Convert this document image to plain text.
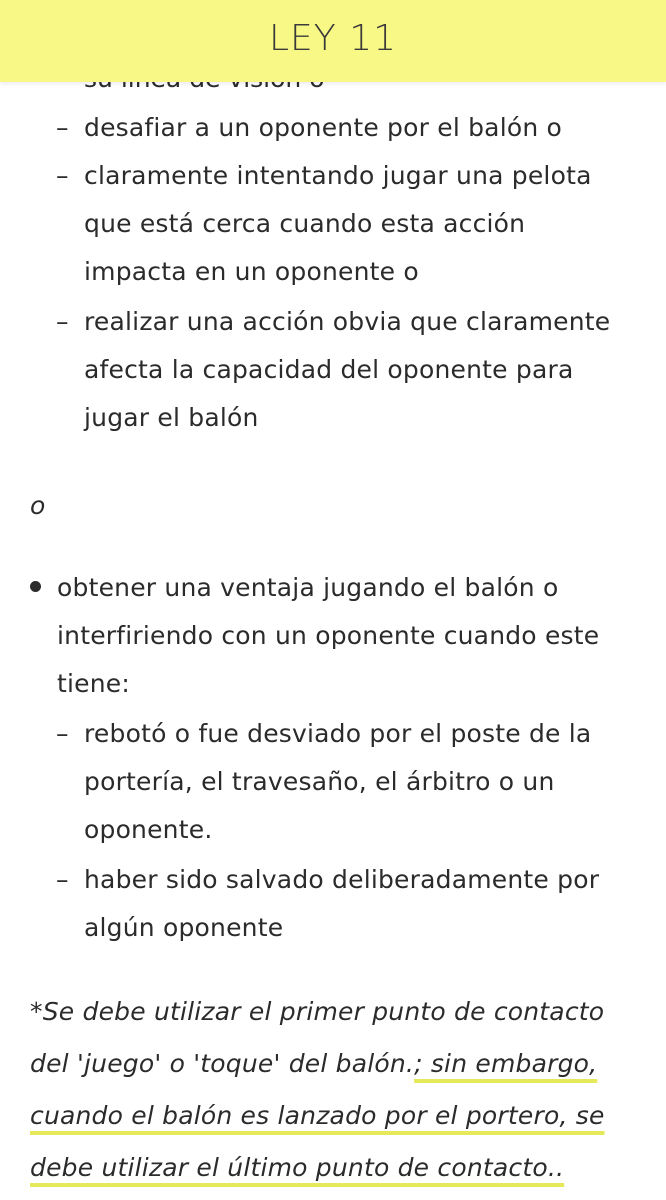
– desafiar a un oponente por el balón o
– claramente intentando jugar una pelota
que está cerca cuando esta acción
impacta en un oponente o
– realizar una acción obvia que claramente
afecta la capacidad del oponente para
jugar el balón
o
obtener una ventaja jugando el balón o
interfiriendo con un oponente cuando este
tiene:
– rebotó o fue desviado por el poste de la
portería, el travesaño, el árbitro o un
oponente.
– haber sido salvado deliberadamente por
algún oponente
*Se debe utilizar el primer punto de contacto
del 'juego' o 'toque' del balón.; sin embargo,
cuando el balón es lanzado por el portero, se
debe utilizar el último punto de contacto..
LEY 11
